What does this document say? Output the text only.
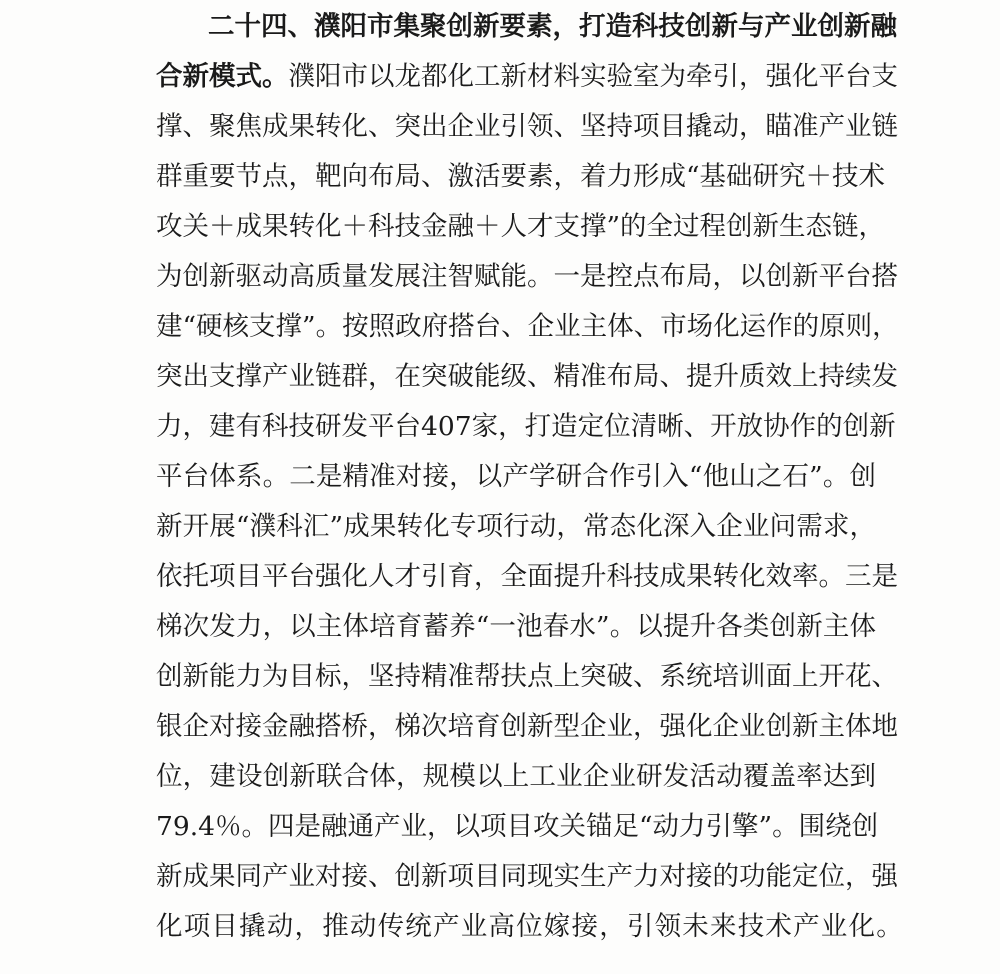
二十四、濮阳市集聚创新要素，打造科技创新与产业创新融
合新模式。濮阳市以龙都化工新材料实验室为牵引，强化平台支
撑、聚焦成果转化、突出企业引领、坚持项目撬动，瞄准产业链
群重要节点，靶向布局、激活要素，着力形成“基础研究＋技术
攻关＋成果转化＋科技金融＋人才支撑”的全过程创新生态链，
为创新驱动高质量发展注智赋能。一是控点布局，以创新平台搭
建“硬核支撑”。按照政府搭台、企业主体、市场化运作的原则，
突出支撑产业链群，在突破能级、精准布局、提升质效上持续发
力，建有科技研发平台407家，打造定位清晰、开放协作的创新
平台体系。二是精准对接，以产学研合作引入“他山之石”。创
新开展“濮科汇”成果转化专项行动，常态化深入企业问需求，
依托项目平台强化人才引育，全面提升科技成果转化效率。三是
梯次发力，以主体培育蓄养“一池春水”。以提升各类创新主体
创新能力为目标，坚持精准帮扶点上突破、系统培训面上开花、
银企对接金融搭桥，梯次培育创新型企业，强化企业创新主体地
位，建设创新联合体，规模以上工业企业研发活动覆盖率达到
79.4％。四是融通产业，以项目攻关锚足“动力引擎”。围绕创
新成果同产业对接、创新项目同现实生产力对接的功能定位，强
化项目撬动，推动传统产业高位嫁接，引领未来技术产业化。
